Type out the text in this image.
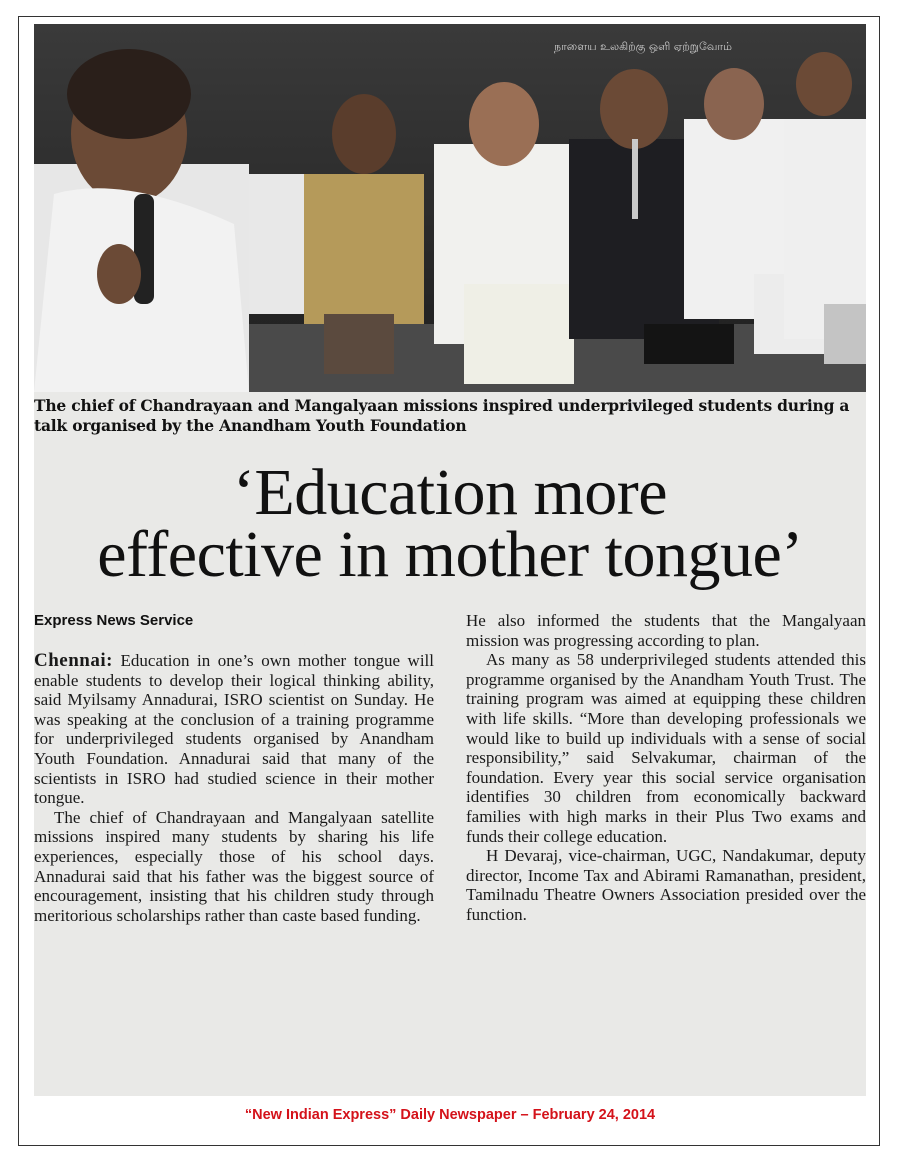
நாளைய உலகிற்கு ஒளி ஏற்றுவோம்
The chief of Chandrayaan and Mangalyaan missions inspired underprivileged students during a talk organised by the Anandham Youth Foundation
‘Education more
effective in mother tongue’
Express News Service

Chennai: Education in one’s own mother tongue will enable students to develop their logical thinking ability, said Myilsamy Annadurai, ISRO scientist on Sunday. He was speaking at the conclusion of a training programme for underprivileged students organised by Anandham Youth Foundation. Annadurai said that many of the scientists in ISRO had studied science in their mother tongue.

The chief of Chandrayaan and Mangalyaan satellite missions inspired many students by sharing his life experiences, especially those of his school days. Annadurai said that his father was the biggest source of encouragement, insisting that his children study through meritorious scholarships rather than caste based funding.

He also informed the students that the Mangalyaan mission was progressing according to plan.

As many as 58 underprivileged students attended this programme organised by the Anandham Youth Trust. The training program was aimed at equipping these children with life skills. “More than developing professionals we would like to build up individuals with a sense of social responsibility,” said Selvakumar, chairman of the foundation. Every year this social service organisation identifies 30 children from economically backward families with high marks in their Plus Two exams and funds their college education.

H Devaraj, vice-chairman, UGC, Nandakumar, deputy director, Income Tax and Abirami Ramanathan, president, Tamilnadu Theatre Owners Association presided over the function.

“New Indian Express” Daily Newspaper – February 24, 2014
